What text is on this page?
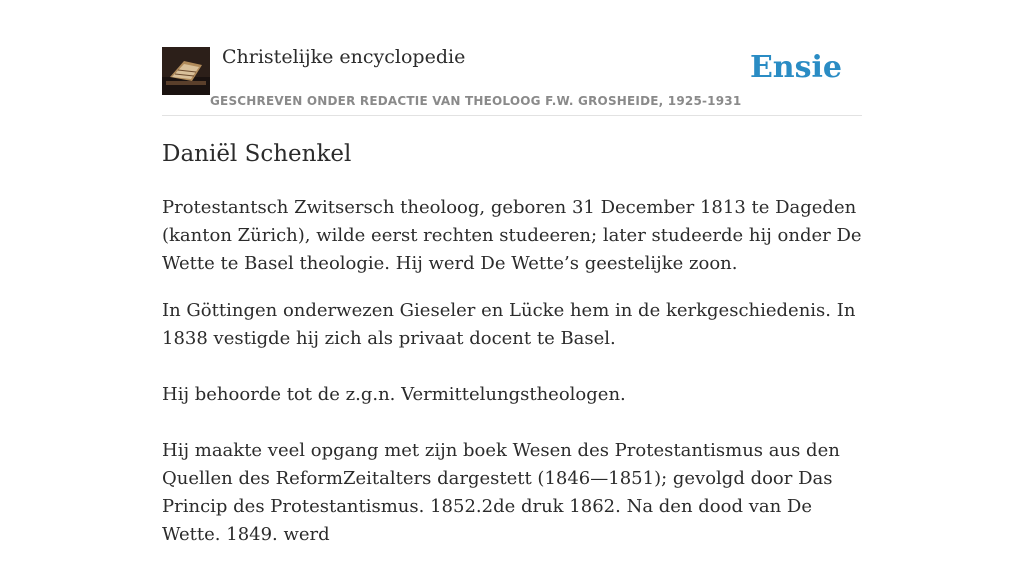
Christelijke encyclopedie
GESCHREVEN ONDER REDACTIE VAN THEOLOOG F.W. GROSHEIDE, 1925-1931
Ensie
Daniël Schenkel

Protestantsch Zwitsersch theoloog, geboren 31 December 1813 te Dageden (kanton Zürich), wilde eerst rechten studeeren; later studeerde hij onder De Wette te Basel theologie. Hij werd De Wette’s geestelijke zoon.

In Göttingen onderwezen Gieseler en Lücke hem in de kerkgeschiedenis. In 1838 vestigde hij zich als privaat docent te Basel.

Hij behoorde tot de z.g.n. Vermittelungstheologen.

Hij maakte veel opgang met zijn boek Wesen des Protestantismus aus den Quellen des ReformZeitalters dargestett (1846—1851); gevolgd door Das Princip des Protestantismus. 1852.2de druk 1862. Na den dood van De Wette. 1849. werd
